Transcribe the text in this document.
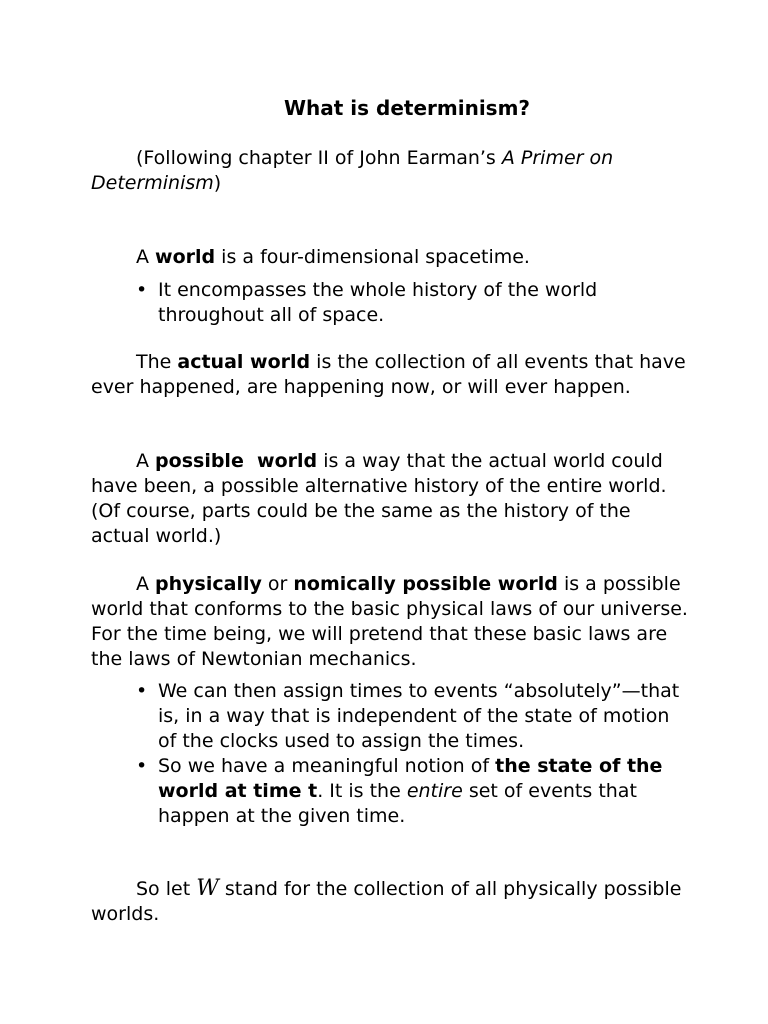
What is determinism?

(Following chapter II of John Earman’s A Primer on Determinism)

A world is a four-dimensional spacetime.

• It encompasses the whole history of the world throughout all of space.

The actual world is the collection of all events that have ever happened, are happening now, or will ever happen.

A possible  world is a way that the actual world could have been, a possible alternative history of the entire world. (Of course, parts could be the same as the history of the actual world.)

A physically or nomically possible world is a possible world that conforms to the basic physical laws of our universe. For the time being, we will pretend that these basic laws are the laws of Newtonian mechanics.

• We can then assign times to events “absolutely”—that is, in a way that is independent of the state of motion of the clocks used to assign the times.
• So we have a meaningful notion of the state of the world at time t. It is the entire set of events that happen at the given time.

So let W stand for the collection of all physically possible worlds.
